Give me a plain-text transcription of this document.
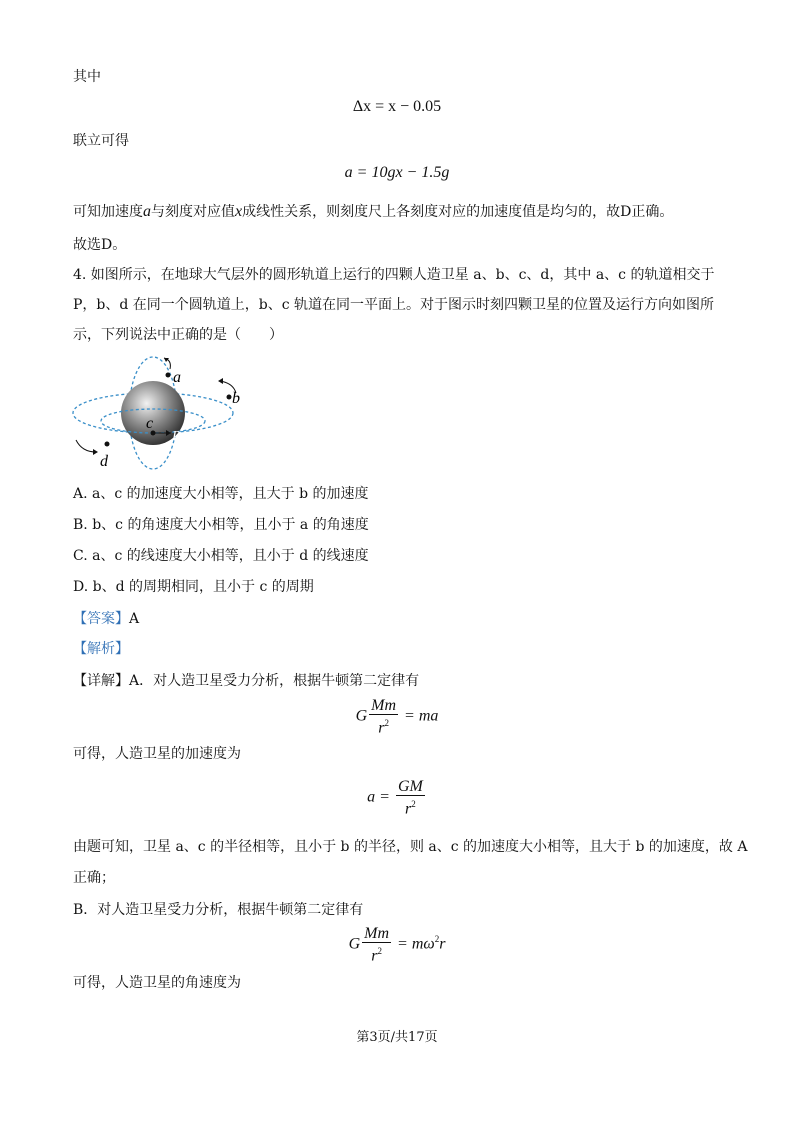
其中
Δx = x − 0.05
联立可得
a = 10gx − 1.5g
可知加速度a与刻度对应值x成线性关系，则刻度尺上各刻度对应的加速度值是均匀的，故D正确。
故选D。
4. 如图所示，在地球大气层外的圆形轨道上运行的四颗人造卫星 a、b、c、d，其中 a、c 的轨道相交于
P，b、d 在同一个圆轨道上，b、c 轨道在同一平面上。对于图示时刻四颗卫星的位置及运行方向如图所
示，下列说法中正确的是（　　）
a
b
c
P
d
A. a、c 的加速度大小相等，且大于 b 的加速度
B. b、c 的角速度大小相等，且小于 a 的角速度
C. a、c 的线速度大小相等，且小于 d 的线速度
D. b、d 的周期相同，且小于 c 的周期
【答案】A
【解析】
【详解】A．对人造卫星受力分析，根据牛顿第二定律有
G $\frac{Mm}{r^2}$ = ma
可得，人造卫星的加速度为
$a = \frac{GM}{r^2}$
由题可知，卫星 a、c 的半径相等，且小于 b 的半径，则 a、c 的加速度大小相等，且大于 b 的加速度，故 A
正确；
B．对人造卫星受力分析，根据牛顿第二定律有
G $\frac{Mm}{r^2} = m\omega^2r$
可得，人造卫星的角速度为
第3页/共17页
